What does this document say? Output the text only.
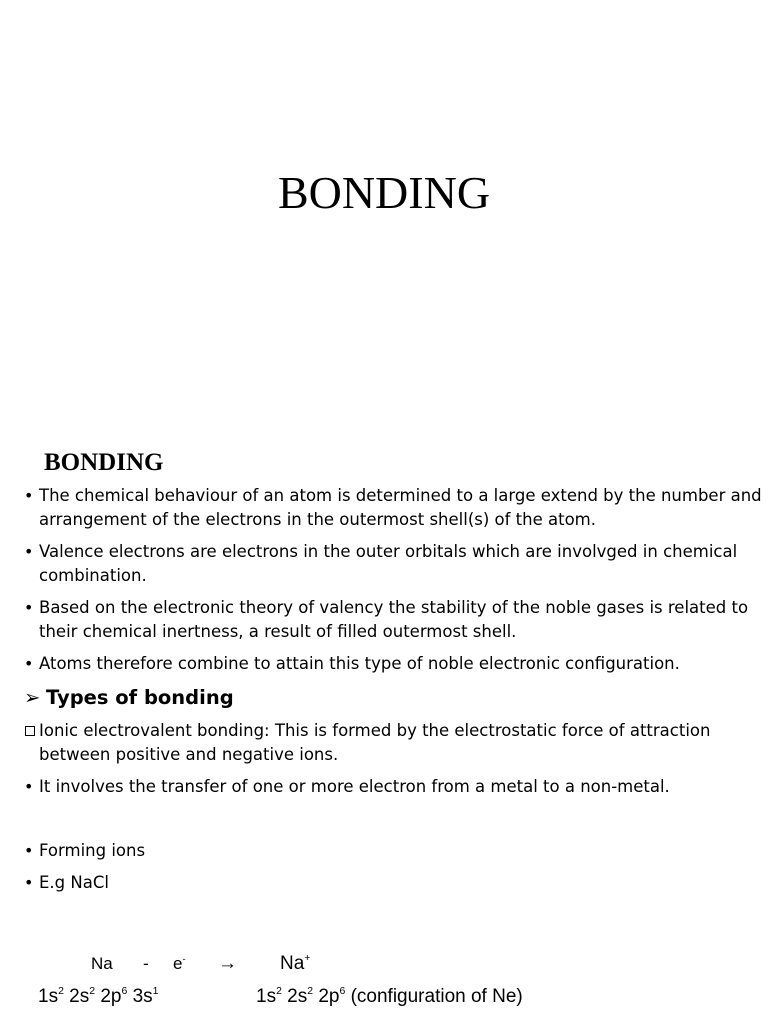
BONDING
BONDING
• The chemical behaviour of an atom is determined to a large extend by the number and arrangement of the electrons in the outermost shell(s) of the atom.
• Valence electrons are electrons in the outer orbitals which are involvged in chemical combination.
• Based on the electronic theory of valency the stability of the noble gases is related to their chemical inertness, a result of filled outermost shell.
• Atoms therefore combine to attain this type of noble electronic configuration.
➢ Types of bonding
Ionic electrovalent bonding: This is formed by the electrostatic force of attraction between positive and negative ions.
• It involves the transfer of one or more electron from a metal to a non-metal.
• Forming ions
• E.g NaCl
Na - e- → Na+
$1s^2$ $2s^2$ $2p^6$ $3s^1$	$1s^2$ $2s^2$ $2p^6$ (configuration of Ne)
